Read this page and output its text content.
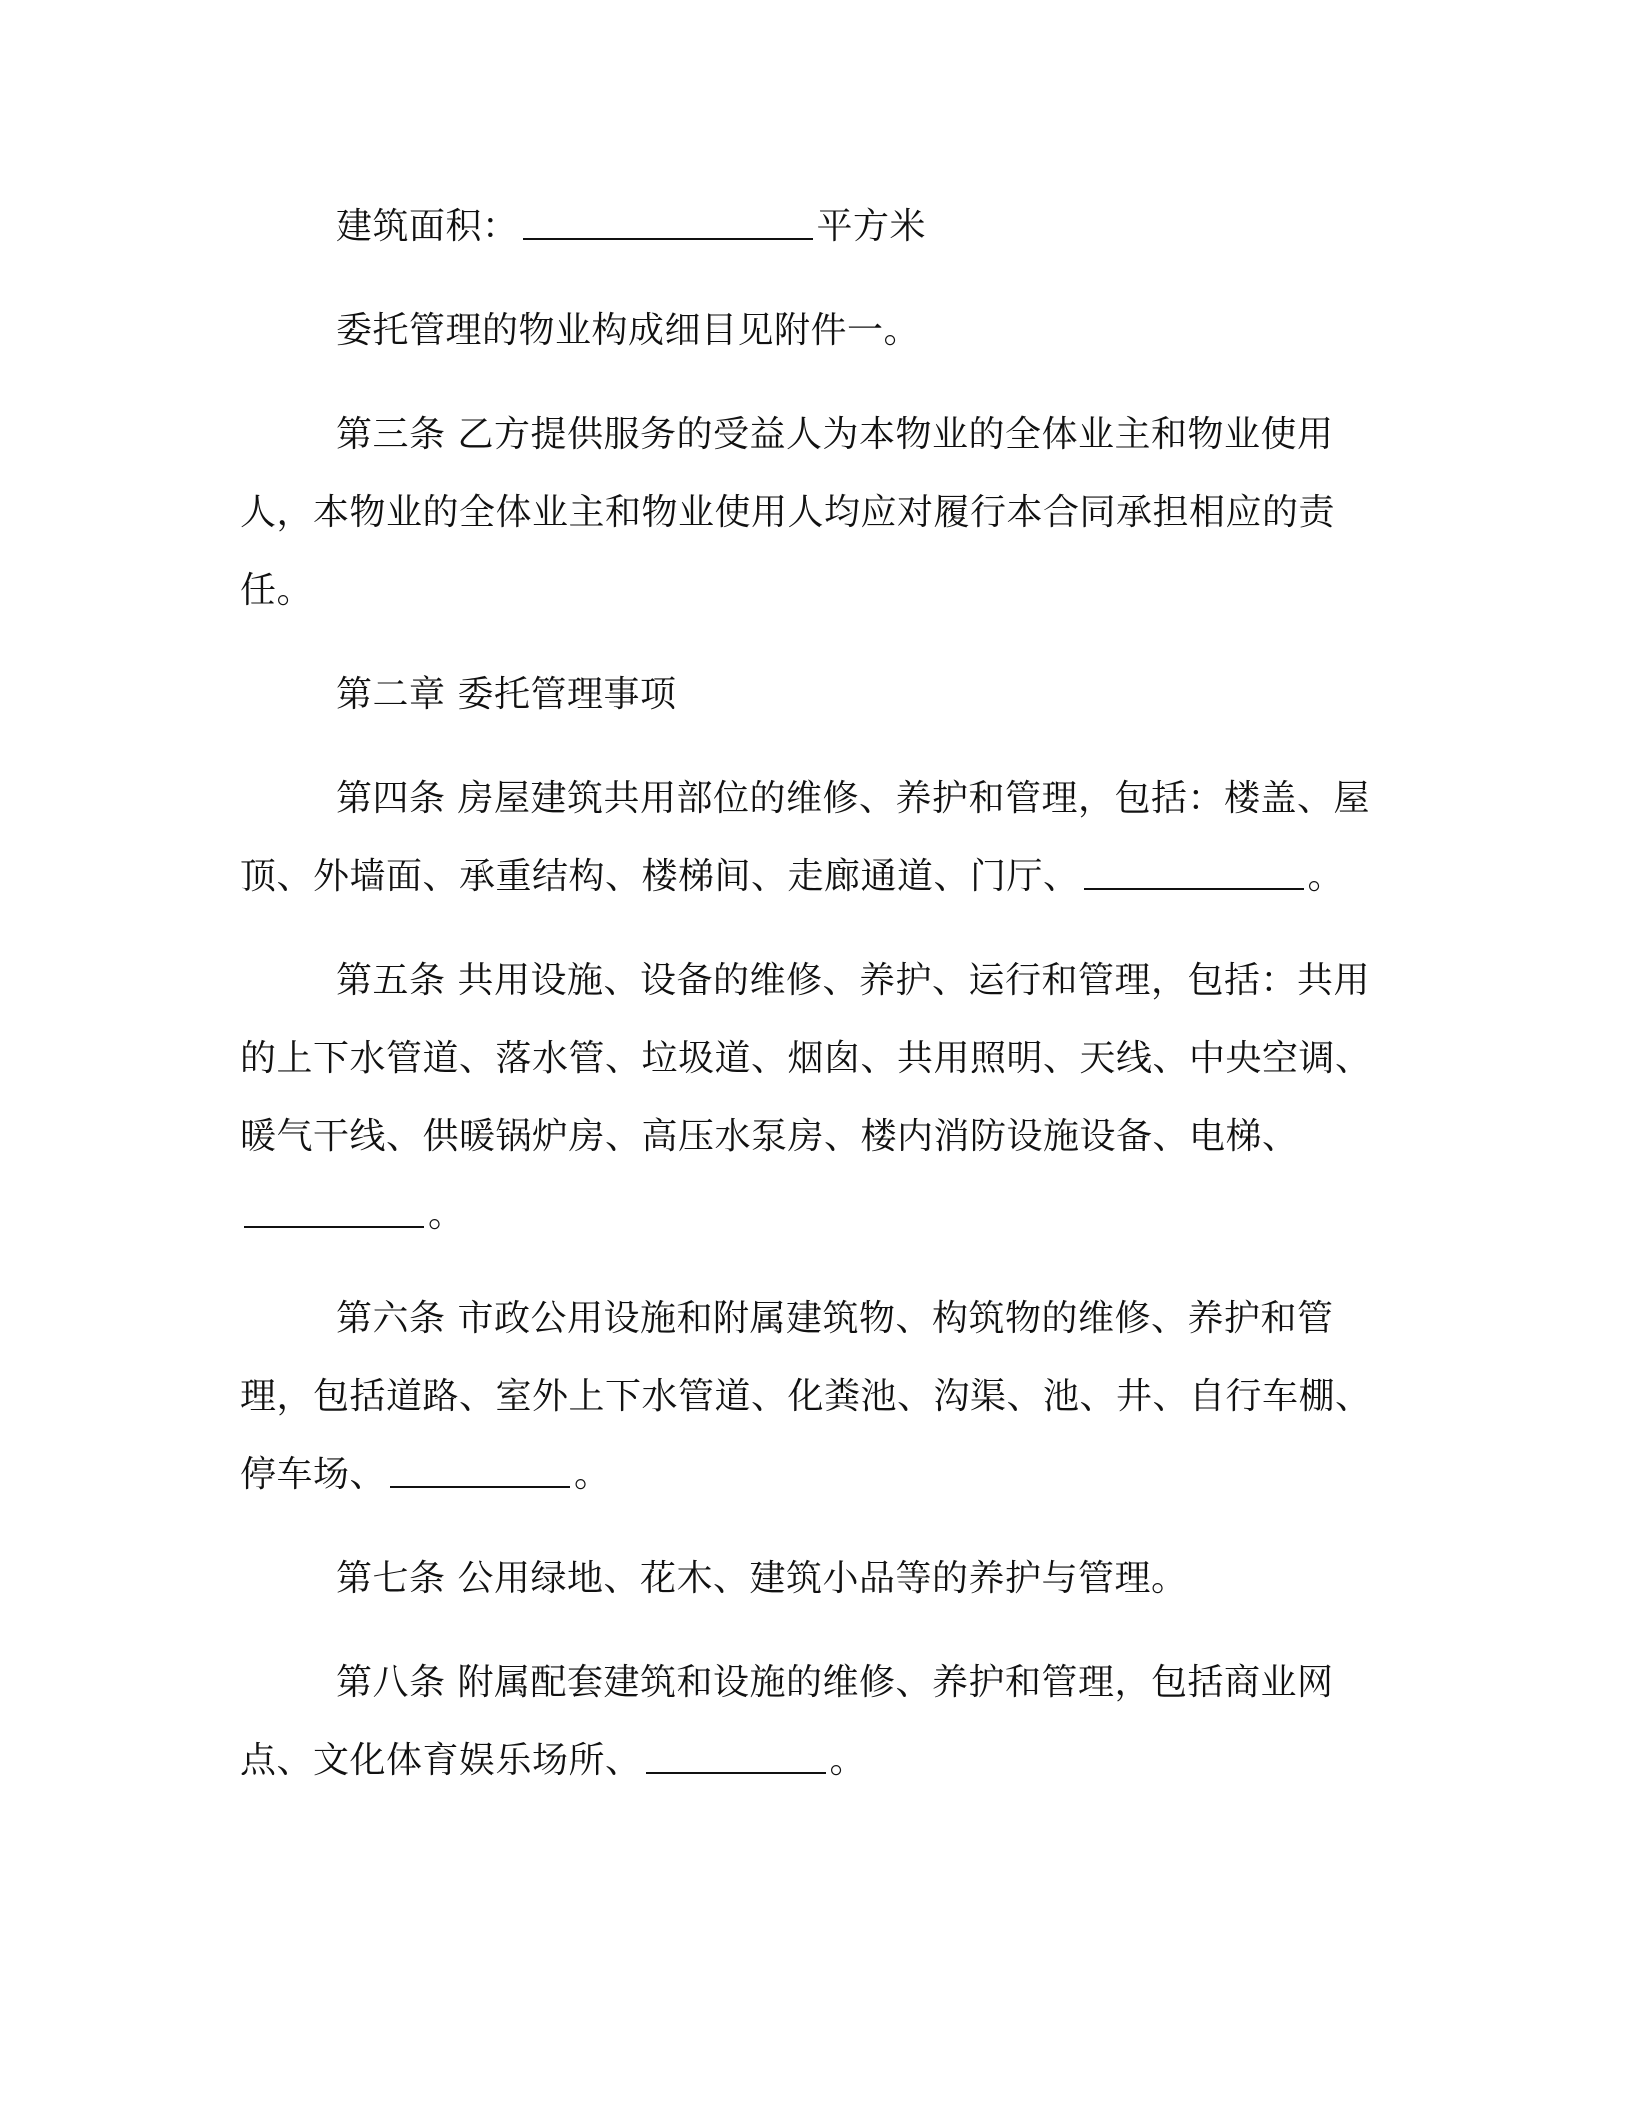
建筑面积：	平方米

委托管理的物业构成细目见附件一。

第三条 乙方提供服务的受益人为本物业的全体业主和物业使用人，本物业的全体业主和物业使用人均应对履行本合同承担相应的责任。

第二章 委托管理事项

第四条 房屋建筑共用部位的维修、养护和管理，包括：楼盖、屋顶、外墙面、承重结构、楼梯间、走廊通道、门厅、	。

第五条 共用设施、设备的维修、养护、运行和管理，包括：共用的上下水管道、落水管、垃圾道、烟囱、共用照明、天线、中央空调、暖气干线、供暖锅炉房、高压水泵房、楼内消防设施设备、电梯、。

第六条 市政公用设施和附属建筑物、构筑物的维修、养护和管理，包括道路、室外上下水管道、化粪池、沟渠、池、井、自行车棚、停车场、	。

第七条 公用绿地、花木、建筑小品等的养护与管理。

第八条 附属配套建筑和设施的维修、养护和管理，包括商业网点、文化体育娱乐场所、	。
